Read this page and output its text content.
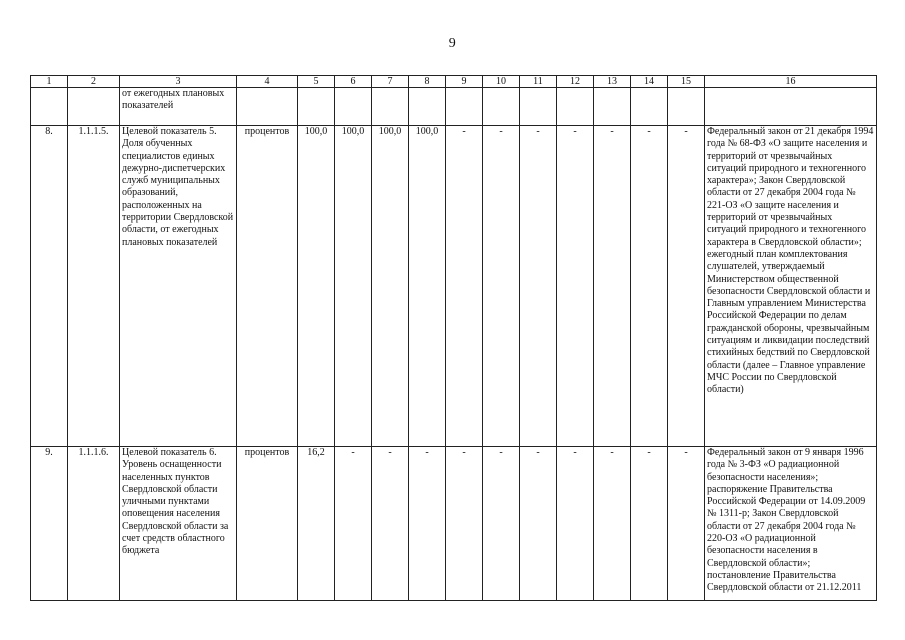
9
1	2	3	4	5	6	7	8	9	10	11	12	13	14	15	16
		от ежегодных плановых показателей													
8.	1.1.1.5.	Целевой показатель 5. Доля обученных специалистов единых дежурно-диспетчерских служб муниципальных образований, расположенных на территории Свердловской области, от ежегодных плановых показателей	процентов	100,0	100,0	100,0	100,0	-	-	-	-	-	-	-	Федеральный закон от 21 декабря 1994 года № 68-ФЗ «О защите населения и территорий от чрезвычайных ситуаций природного и техногенного характера»; Закон Свердловской области от 27 декабря 2004 года № 221-ОЗ «О защите населения и территорий от чрезвычайных ситуаций природного и техногенного характера в Свердловской области»; ежегодный план комплектования слушателей, утверждаемый Министерством общественной безопасности Свердловской области и Главным управлением Министерства Российской Федерации по делам гражданской обороны, чрезвычайным ситуациям и ликвидации последствий стихийных бедствий по Свердловской области (далее – Главное управление МЧС России по Свердловской области)
9.	1.1.1.6.	Целевой показатель 6. Уровень оснащенности населенных пунктов Свердловской области уличными пунктами оповещения населения Свердловской области за счет средств областного бюджета	процентов	16,2	-	-	-	-	-	-	-	-	-	-	Федеральный закон от 9 января 1996 года № 3-ФЗ «О радиационной безопасности населения»; распоряжение Правительства Российской Федерации от 14.09.2009 № 1311-р; Закон Свердловской области от 27 декабря 2004 года № 220-ОЗ «О радиационной безопасности населения в Свердловской области»; постановление Правительства Свердловской области от 21.12.2011
